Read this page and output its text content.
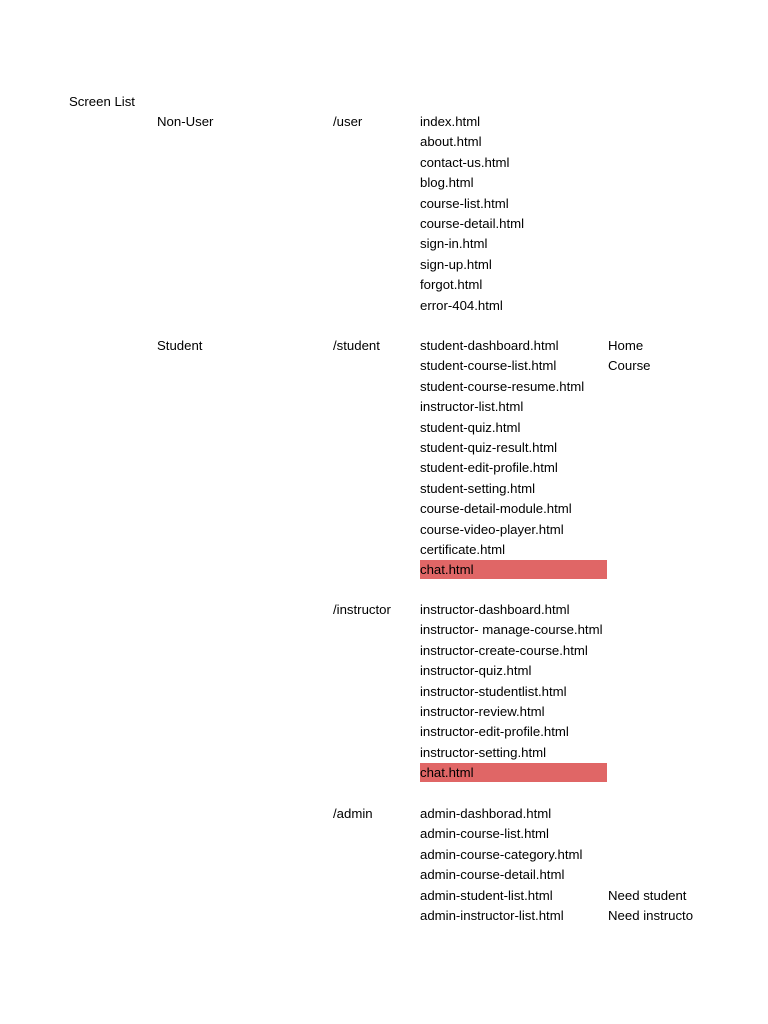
Screen List
Non-User	/user	index.html
about.html
contact-us.html
blog.html
course-list.html
course-detail.html
sign-in.html
sign-up.html
forgot.html
error-404.html
Student	/student	student-dashboard.html	Home
student-course-list.html	Course
student-course-resume.html
instructor-list.html
student-quiz.html
student-quiz-result.html
student-edit-profile.html
student-setting.html
course-detail-module.html
course-video-player.html
certificate.html
chat.html
/instructor instructor-dashboard.html
instructor- manage-course.html
instructor-create-course.html
instructor-quiz.html
instructor-studentlist.html
instructor-review.html
instructor-edit-profile.html
instructor-setting.html
chat.html
/admin	admin-dashborad.html
admin-course-list.html
admin-course-category.html
admin-course-detail.html
admin-student-list.html	Need student
admin-instructor-list.html	Need instructo
